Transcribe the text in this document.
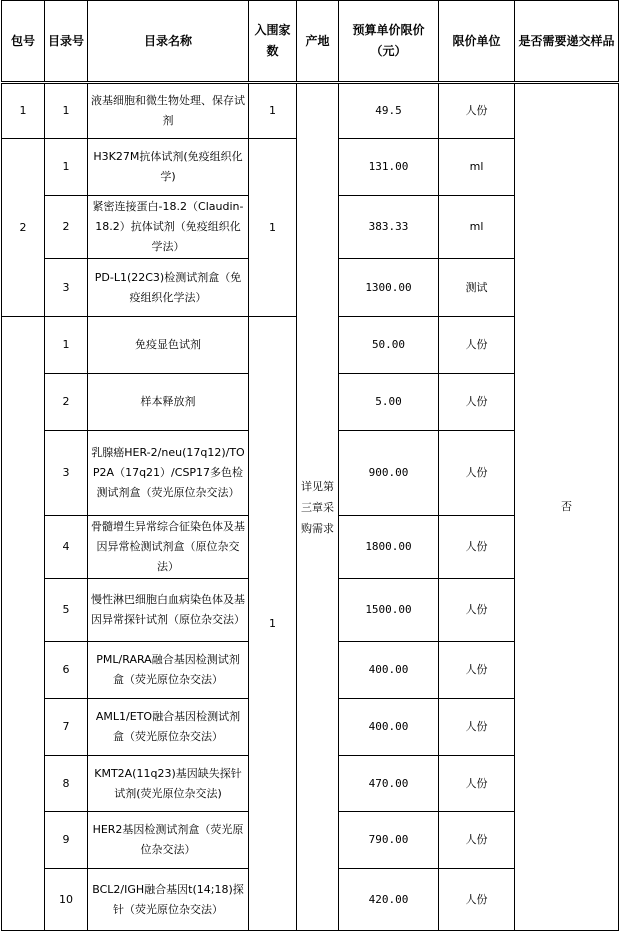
包号	目录号	目录名称	入围家数	产地	预算单价限价（元）	限价单位	是否需要递交样品
1	1	液基细胞和微生物处理、保存试剂	1	详见第三章采购需求	49.5	人份	否
2	1	H3K27M抗体试剂(免疫组织化学)	1		131.00	ml	
	2	紧密连接蛋白-18.2（Claudin-18.2）抗体试剂（免疫组织化学法）			383.33	ml	
	3	PD-L1(22C3)检测试剂盒（免疫组织化学法）			1300.00	测试	
	1	免疫显色试剂	1		50.00	人份	
	2	样本释放剂			5.00	人份	
	3	乳腺癌HER-2/neu(17q12)/TOP2A（17q21）/CSP17多色检测试剂盒（荧光原位杂交法）			900.00	人份	
	4	骨髓增生异常综合征染色体及基因异常检测试剂盒（原位杂交法）			1800.00	人份	
	5	慢性淋巴细胞白血病染色体及基因异常探针试剂（原位杂交法）			1500.00	人份	
	6	PML/RARA融合基因检测试剂盒（荧光原位杂交法）			400.00	人份	
	7	AML1/ETO融合基因检测试剂盒（荧光原位杂交法）			400.00	人份	
	8	KMT2A(11q23)基因缺失探针试剂(荧光原位杂交法)			470.00	人份	
	9	HER2基因检测试剂盒（荧光原位杂交法）			790.00	人份	
	10	BCL2/IGH融合基因t(14;18)探针（荧光原位杂交法）			420.00	人份	
